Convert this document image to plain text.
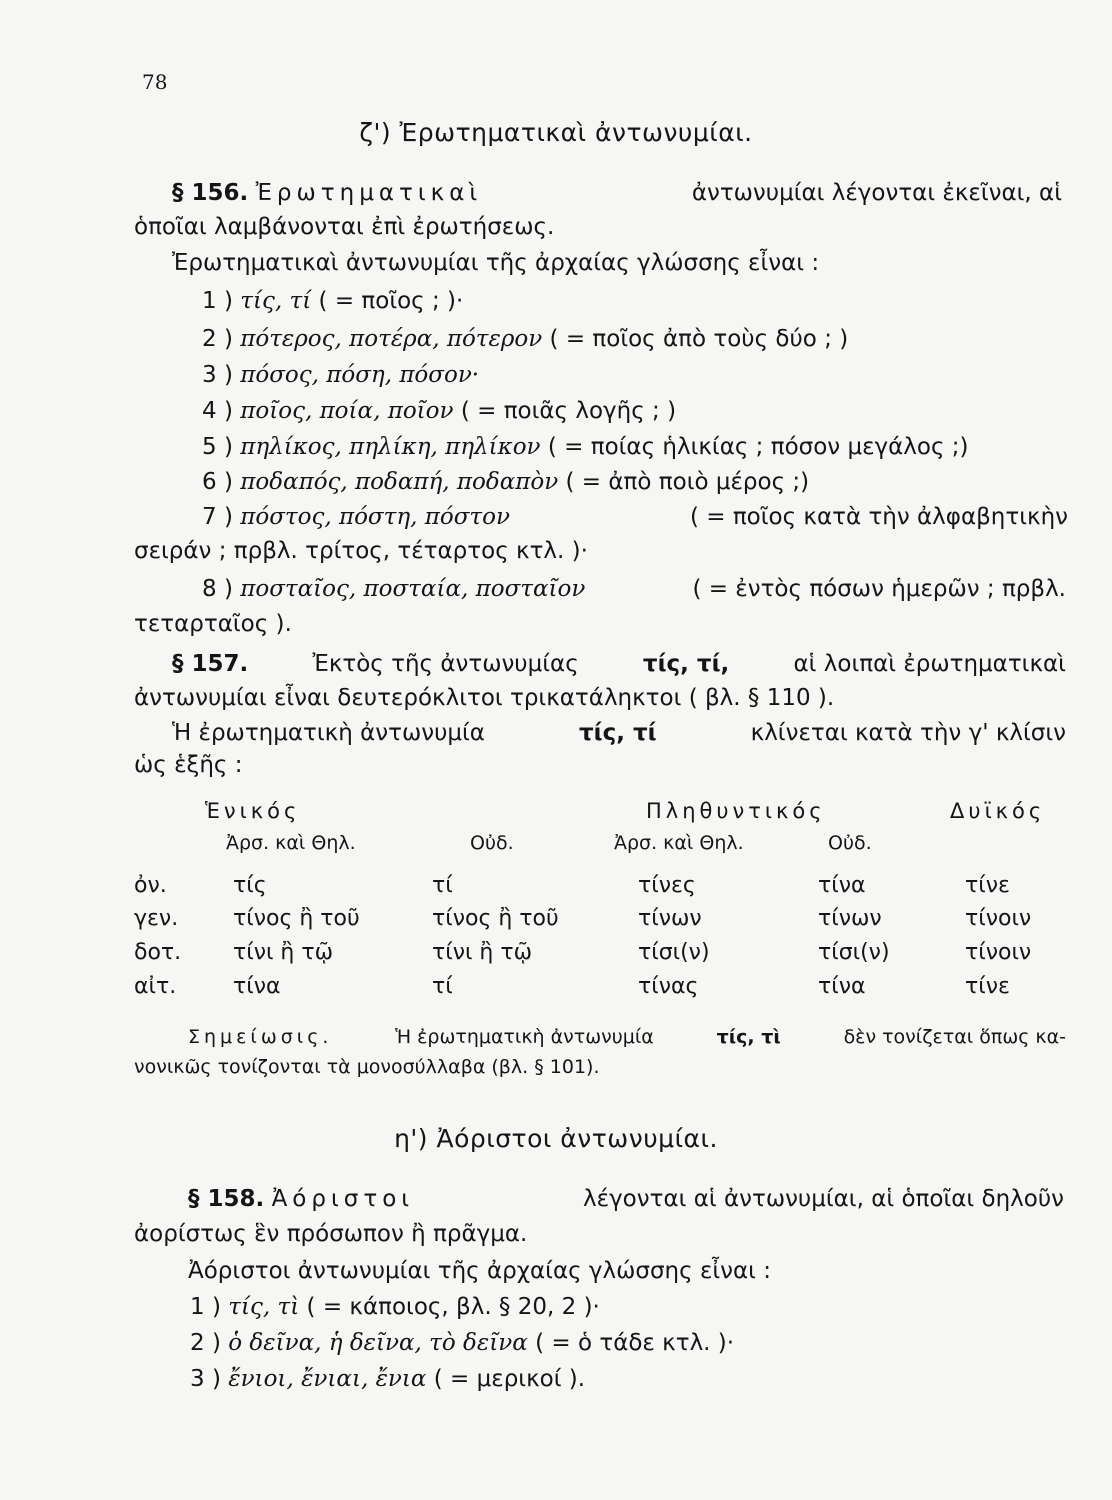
78
ζ') Ἐρωτηματικαὶ ἀντωνυμίαι.
§ 156. Ἐρωτηματικαὶ	ἀντωνυμίαι λέγονται ἐκεῖναι, αἱ
ὁποῖαι λαμβάνονται ἐπὶ ἐρωτήσεως.
Ἐρωτηματικαὶ ἀντωνυμίαι τῆς ἀρχαίας γλώσσης εἶναι :
1 ) τίς, τί ( = ποῖος ; )·
2 ) πότερος, ποτέρα, πότερον ( = ποῖος ἀπὸ τοὺς δύο ; )
3 ) πόσος, πόση, πόσον·
4 ) ποῖος, ποία, ποῖον ( = ποιᾶς λογῆς ; )
5 ) πηλίκος, πηλίκη, πηλίκον ( = ποίας ἡλικίας ; πόσον μεγάλος ;)
6 ) ποδαπός, ποδαπή, ποδαπὸν ( = ἀπὸ ποιὸ μέρος ;)
7 ) πόστος, πόστη, πόστον	( = ποῖος κατὰ τὴν ἀλφαβητικὴν
σειράν ; πρβλ. τρίτος, τέταρτος κτλ. )·
8 ) ποσταῖος, ποσταία, ποσταῖον	( = ἐντὸς πόσων ἡμερῶν ; πρβλ.
τεταρταῖος ).
§ 157.	Ἐκτὸς τῆς ἀντωνυμίας	τίς, τί,	αἱ λοιπαὶ ἐρωτηματικαὶ
ἀντωνυμίαι εἶναι δευτερόκλιτοι τρικατάληκτοι ( βλ. § 110 ).
Ἡ ἐρωτηματικὴ ἀντωνυμία	τίς, τί	κλίνεται κατὰ τὴν γ' κλίσιν
ὡς ἑξῆς :
Ἑνικός	Πληθυντικός	Δυϊκός
Ἀρσ. καὶ Θηλ.	Οὐδ.	Ἀρσ. καὶ Θηλ.	Οὐδ.
ὀν.	τίς	τί	τίνες	τίνα	τίνε
γεν. τίνος ἢ τοῦ	τίνος ἢ τοῦ	τίνων	τίνων	τίνοιν
δοτ. τίνι ἢ τῷ	τίνι ἢ τῷ	τίσι(ν)	τίσι(ν)	τίνοιν
αἰτ.	τίνα	τί	τίνας	τίνα	τίνε
Σημείωσις.	Ἡ ἐρωτηματικὴ ἀντωνυμία	τίς, τὶ	δὲν τονίζεται ὅπως κα-
νονικῶς τονίζονται τὰ μονοσύλλαβα (βλ. § 101).
η') Ἀόριστοι ἀντωνυμίαι.
§ 158. Ἀόριστοι	λέγονται αἱ ἀντωνυμίαι, αἱ ὁποῖαι δηλοῦν
ἀορίστως ἓν πρόσωπον ἢ πρᾶγμα.
Ἀόριστοι ἀντωνυμίαι τῆς ἀρχαίας γλώσσης εἶναι :
1 ) τίς, τὶ ( = κάποιος, βλ. § 20, 2 )·
2 ) ὁ δεῖνα, ἡ δεῖνα, τὸ δεῖνα ( = ὁ τάδε κτλ. )·
3 ) ἔνιοι, ἔνιαι, ἔνια ( = μερικοί ).
